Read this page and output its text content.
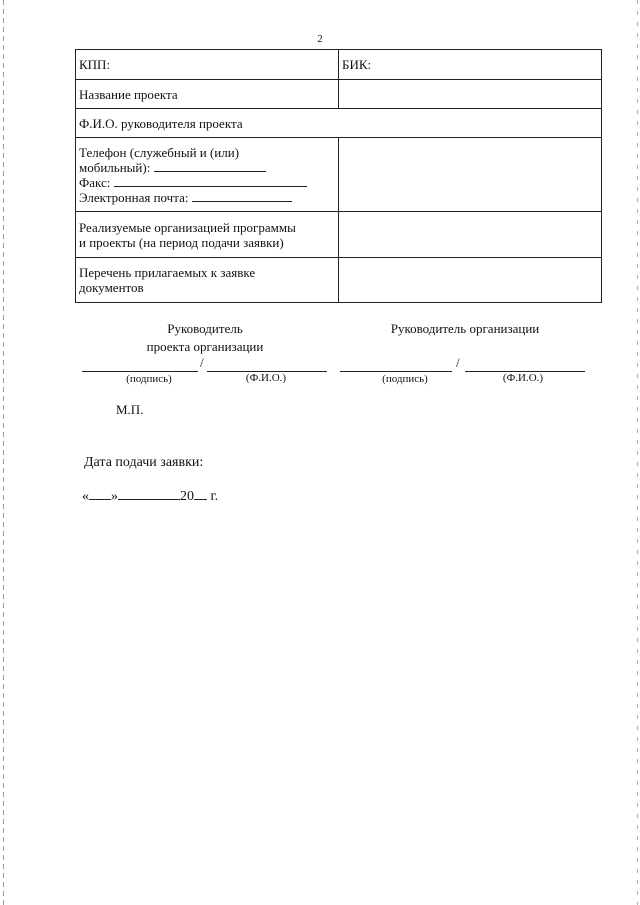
2
КПП:	БИК:
Название проекта	
Ф.И.О. руководителя проекта	

Телефон (служебный и (или)
мобильный):
Факс:
Электронная почта:	

Реализуемые организацией программы
и проекты (на период подачи заявки)	

Перечень прилагаемых к заявке
документов	

Руководитель
проекта организации
/
(подпись)	(Ф.И.О.)
Руководитель организации
/
(подпись)	(Ф.И.О.)
М.П.
Дата подачи заявки:
« »	20 г.
